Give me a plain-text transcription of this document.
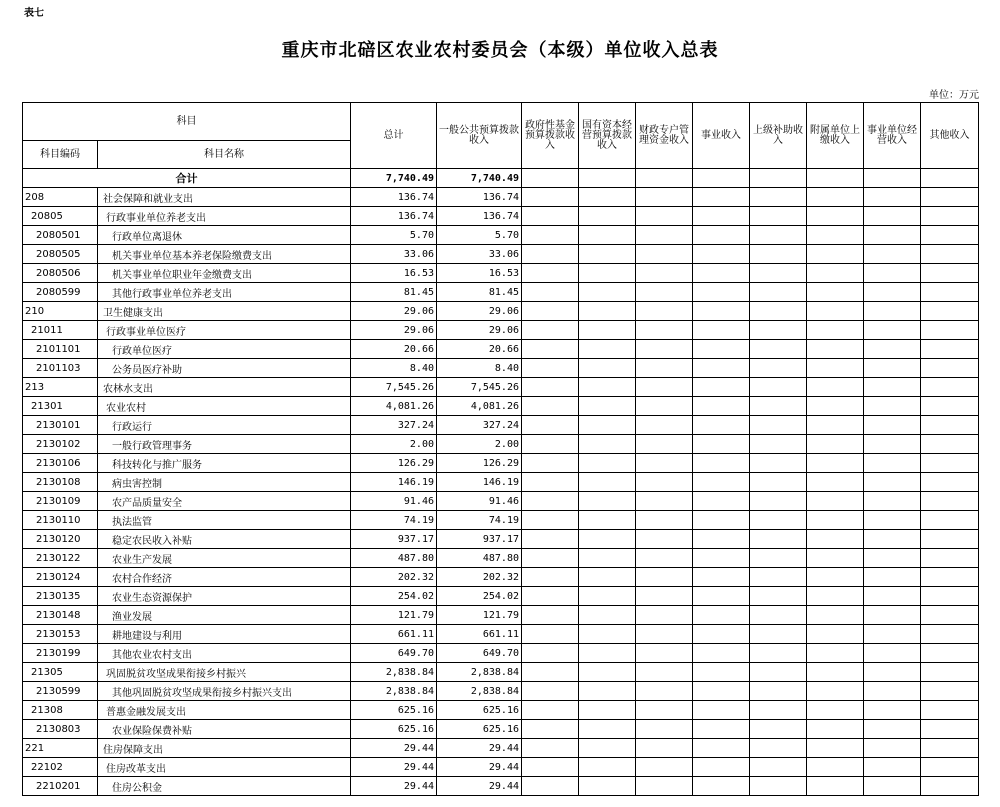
表七
重庆市北碚区农业农村委员会（本级）单位收入总表
单位：万元
科目		总计	一般公共预算拨款收入	政府性基金预算拨款收入	国有资本经营预算拨款收入	财政专户管理资金收入	事业收入	上级补助收入	附属单位上缴收入	事业单位经营收入	其他收入
科目编码	科目名称										
合计		7,740.49	7,740.49								
208	社会保障和就业支出	136.74	136.74								
20805	行政事业单位养老支出	136.74	136.74								
2080501	行政单位离退休	5.70	5.70								
2080505	机关事业单位基本养老保险缴费支出	33.06	33.06								
2080506	机关事业单位职业年金缴费支出	16.53	16.53								
2080599	其他行政事业单位养老支出	81.45	81.45								
210	卫生健康支出	29.06	29.06								
21011	行政事业单位医疗	29.06	29.06								
2101101	行政单位医疗	20.66	20.66								
2101103	公务员医疗补助	8.40	8.40								
213	农林水支出	7,545.26	7,545.26								
21301	农业农村	4,081.26	4,081.26								
2130101	行政运行	327.24	327.24								
2130102	一般行政管理事务	2.00	2.00								
2130106	科技转化与推广服务	126.29	126.29								
2130108	病虫害控制	146.19	146.19								
2130109	农产品质量安全	91.46	91.46								
2130110	执法监管	74.19	74.19								
2130120	稳定农民收入补贴	937.17	937.17								
2130122	农业生产发展	487.80	487.80								
2130124	农村合作经济	202.32	202.32								
2130135	农业生态资源保护	254.02	254.02								
2130148	渔业发展	121.79	121.79								
2130153	耕地建设与利用	661.11	661.11								
2130199	其他农业农村支出	649.70	649.70								
21305	巩固脱贫攻坚成果衔接乡村振兴	2,838.84	2,838.84								
2130599	其他巩固脱贫攻坚成果衔接乡村振兴支出	2,838.84	2,838.84								
21308	普惠金融发展支出	625.16	625.16								
2130803	农业保险保费补贴	625.16	625.16								
221	住房保障支出	29.44	29.44								
22102	住房改革支出	29.44	29.44								
2210201	住房公积金	29.44	29.44								
